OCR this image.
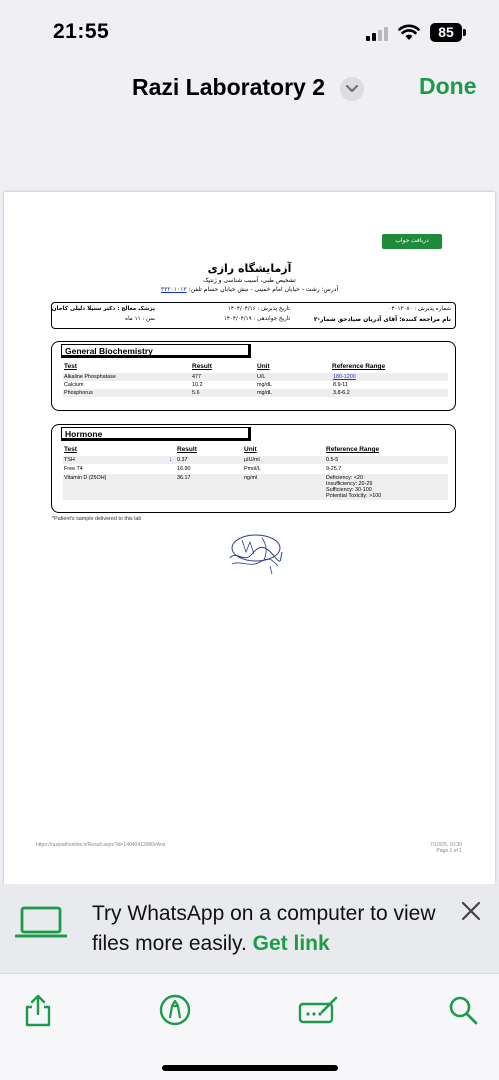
21:55	85
Razi Laboratory 2	Done
دریافت جواب
آزمایشگاه رازی
تشخیص طبی، آسیب شناسی و ژنتیک
آدرس: رشت - خیابان امام خمینی - نبش خیابان حسام تلفن: ۳۳۲۰۱۰۱۳
شماره پذیرش : ۰۴۰۱۳۰۸۰
نام مراجعه کننده: آقای آدریان صیادحق شمار-۲
تاریخ پذیرش : ۱۴۰۴/۰۴/۱۶
تاریخ جوابدهی : ۱۴۰۴/۰۴/۱۹
پزشک معالج : دکتر ستیلا دلیلی کاجان
سن : ۱۱ ماه
General Biochemistry
Test	Result	Unit	Reference Range
Alkaline Phosphatase	477	U/L	180-1200
Calcium	10.2	mg/dL	8.9-11
Phosphorus	5.6	mg/dL	3.8-6.2
Hormone
Test	Result	Unit	Reference Range
TSH	↓ 0.37	μIU/ml	0.5-5
Free T4	16.90	Pmol/L	9-25.7
Vitamin D (25OH)	36.17	ng/ml	Deficiency: <20
Insufficiency: 20-29
Sufficiency: 30-100
Potential Toxicity: >100
*Patient's sample delivered to this lab
https://razipathonline.ir/Result.aspx?id=14040413080#Ans	7/10/25, 10:30
Page 1 of 1
Try WhatsApp on a computer to view files more easily. Get link
